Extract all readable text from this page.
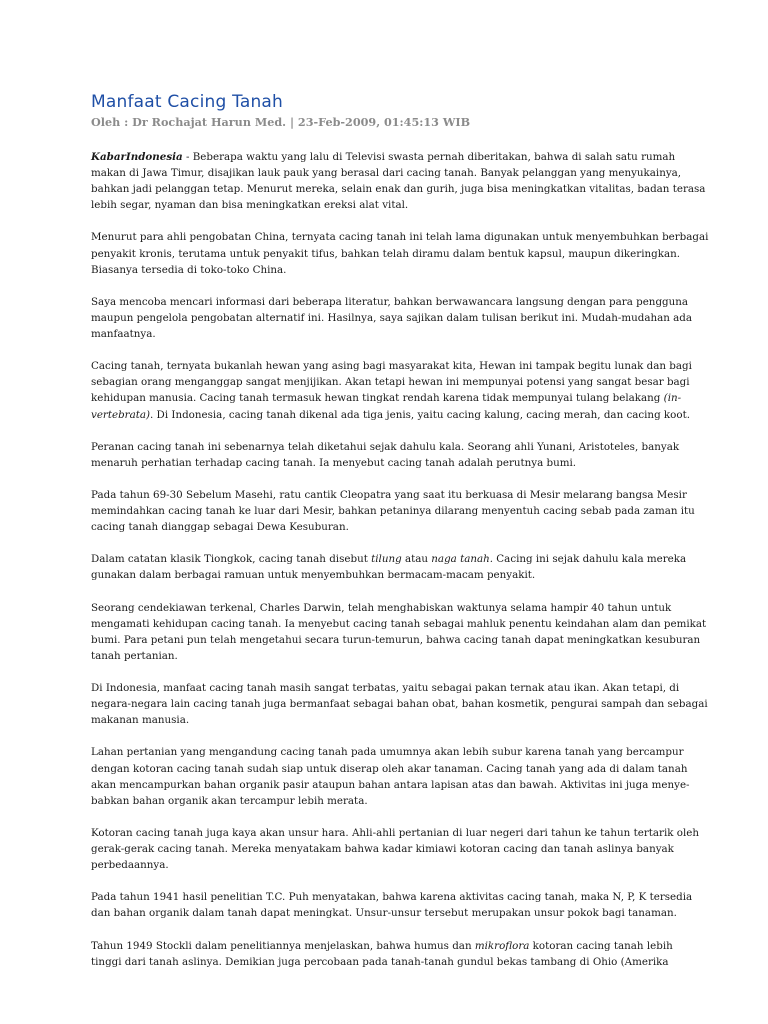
Manfaat Cacing Tanah
Oleh : Dr Rochajat Harun Med. | 23-Feb-2009, 01:45:13 WIB
KabarIndonesia - Beberapa waktu yang lalu di Televisi swasta pernah diberitakan, bahwa di salah satu rumah
makan di Jawa Timur, disajikan lauk pauk yang berasal dari cacing tanah. Banyak pelanggan yang menyukainya,
bahkan jadi pelanggan tetap. Menurut mereka, selain enak dan gurih, juga bisa meningkatkan vitalitas, badan terasa
lebih segar, nyaman dan bisa meningkatkan ereksi alat vital.
Menurut para ahli pengobatan China, ternyata cacing tanah ini telah lama digunakan untuk menyembuhkan berbagai
penyakit kronis, terutama untuk penyakit tifus, bahkan telah diramu dalam bentuk kapsul, maupun dikeringkan.
Biasanya tersedia di toko-toko China.
Saya mencoba mencari informasi dari beberapa literatur, bahkan berwawancara langsung dengan para pengguna
maupun pengelola pengobatan alternatif ini. Hasilnya, saya sajikan dalam tulisan berikut ini. Mudah-mudahan ada
manfaatnya.
Cacing tanah, ternyata bukanlah hewan yang asing bagi masyarakat kita, Hewan ini tampak begitu lunak dan bagi
sebagian orang menganggap sangat menjijikan. Akan tetapi hewan ini mempunyai potensi yang sangat besar bagi
kehidupan manusia. Cacing tanah termasuk hewan tingkat rendah karena tidak mempunyai tulang belakang (in-
vertebrata). Di Indonesia, cacing tanah dikenal ada tiga jenis, yaitu cacing kalung, cacing merah, dan cacing koot.
Peranan cacing tanah ini sebenarnya telah diketahui sejak dahulu kala. Seorang ahli Yunani, Aristoteles, banyak
menaruh perhatian terhadap cacing tanah. Ia menyebut cacing tanah adalah perutnya bumi.
Pada tahun 69-30 Sebelum Masehi, ratu cantik Cleopatra yang saat itu berkuasa di Mesir melarang bangsa Mesir
memindahkan cacing tanah ke luar dari Mesir, bahkan petaninya dilarang menyentuh cacing sebab pada zaman itu
cacing tanah dianggap sebagai Dewa Kesuburan.
Dalam catatan klasik Tiongkok, cacing tanah disebut tilung atau naga tanah. Cacing ini sejak dahulu kala mereka
gunakan dalam berbagai ramuan untuk menyembuhkan bermacam-macam penyakit.
Seorang cendekiawan terkenal, Charles Darwin, telah menghabiskan waktunya selama hampir 40 tahun untuk
mengamati kehidupan cacing tanah. Ia menyebut cacing tanah sebagai mahluk penentu keindahan alam dan pemikat
bumi. Para petani pun telah mengetahui secara turun-temurun, bahwa cacing tanah dapat meningkatkan kesuburan
tanah pertanian.
Di Indonesia, manfaat cacing tanah masih sangat terbatas, yaitu sebagai pakan ternak atau ikan. Akan tetapi, di
negara-negara lain cacing tanah juga bermanfaat sebagai bahan obat, bahan kosmetik, pengurai sampah dan sebagai
makanan manusia.
Lahan pertanian yang mengandung cacing tanah pada umumnya akan lebih subur karena tanah yang bercampur
dengan kotoran cacing tanah sudah siap untuk diserap oleh akar tanaman. Cacing tanah yang ada di dalam tanah
akan mencampurkan bahan organik pasir ataupun bahan antara lapisan atas dan bawah. Aktivitas ini juga menye-
babkan bahan organik akan tercampur lebih merata.
Kotoran cacing tanah juga kaya akan unsur hara. Ahli-ahli pertanian di luar negeri dari tahun ke tahun tertarik oleh
gerak-gerak cacing tanah. Mereka menyatakam bahwa kadar kimiawi kotoran cacing dan tanah aslinya banyak
perbedaannya.
Pada tahun 1941 hasil penelitian T.C. Puh menyatakan, bahwa karena aktivitas cacing tanah, maka N, P, K tersedia
dan bahan organik dalam tanah dapat meningkat. Unsur-unsur tersebut merupakan unsur pokok bagi tanaman.
Tahun 1949 Stockli dalam penelitiannya menjelaskan, bahwa humus dan mikroflora kotoran cacing tanah lebih
tinggi dari tanah aslinya. Demikian juga percobaan pada tanah-tanah gundul bekas tambang di Ohio (Amerika
